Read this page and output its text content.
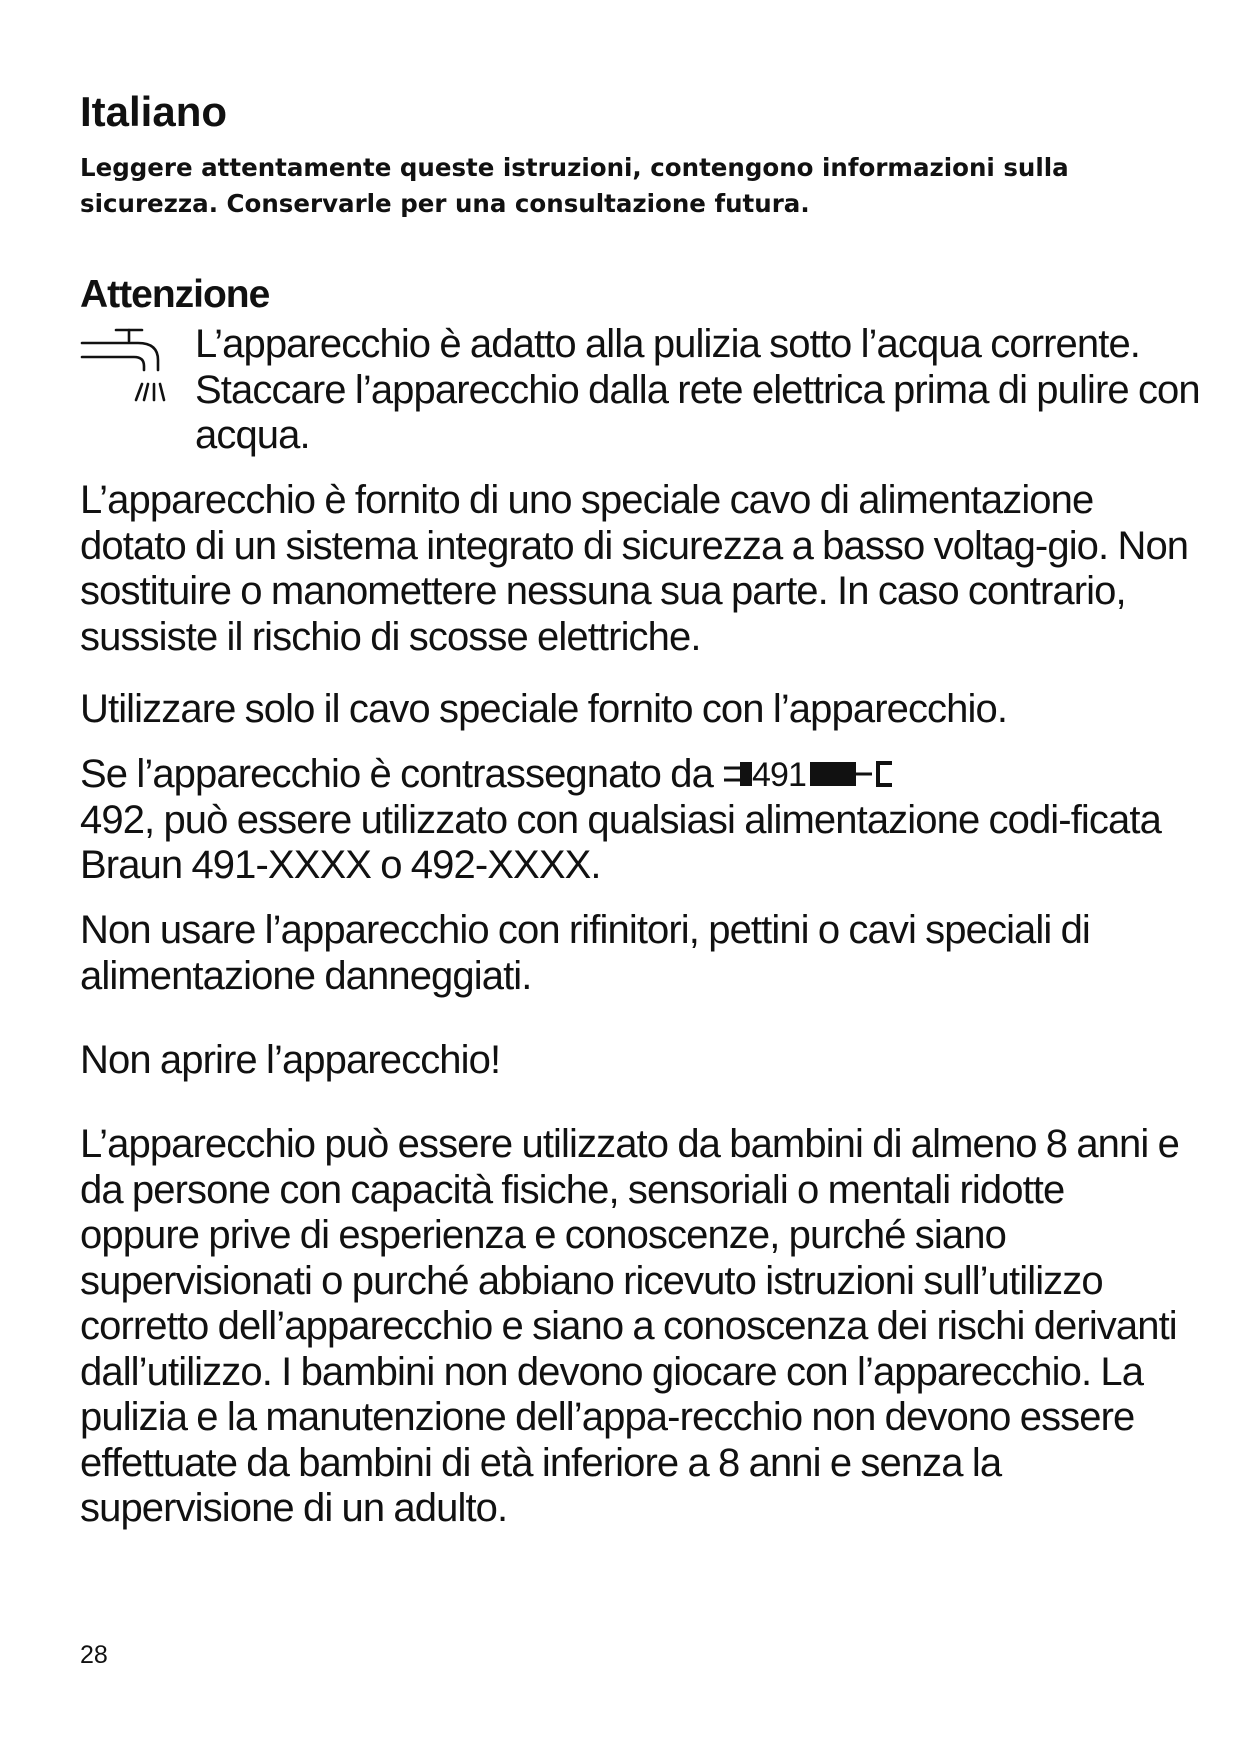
Italiano

Leggere attentamente queste istruzioni, contengono informazioni sulla sicurezza. Conservarle per una consultazione futura.

Attenzione

L’apparecchio è adatto alla pulizia sotto l’acqua corrente. Staccare l’apparecchio dalla rete elettrica prima di pulire con acqua.

L’apparecchio è fornito di uno speciale cavo di alimentazione dotato di un sistema integrato di sicurezza a basso voltag-gio. Non sostituire o manomettere nessuna sua parte. In caso contrario, sussiste il rischio di scosse elettriche.

Utilizzare solo il cavo speciale fornito con l’apparecchio.

Se l’apparecchio è contrassegnato da 491

492, può essere utilizzato con qualsiasi alimentazione codi-ficata Braun 491-XXXX o 492-XXXX.

Non usare l’apparecchio con rifinitori, pettini o cavi speciali di alimentazione danneggiati.

Non aprire l’apparecchio!

L’apparecchio può essere utilizzato da bambini di almeno 8 anni e da persone con capacità fisiche, sensoriali o mentali ridotte oppure prive di esperienza e conoscenze, purché siano supervisionati o purché abbiano ricevuto istruzioni sull’utilizzo corretto dell’apparecchio e siano a conoscenza dei rischi derivanti dall’utilizzo. I bambini non devono giocare con l’apparecchio. La pulizia e la manutenzione dell’appa-recchio non devono essere effettuate da bambini di età inferiore a 8 anni e senza la supervisione di un adulto.

28
